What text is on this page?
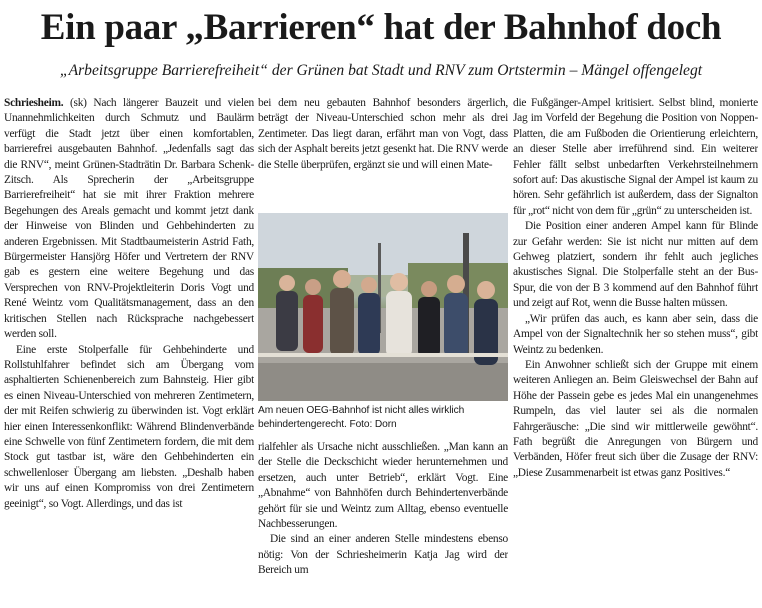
Ein paar „Barrieren“ hat der Bahnhof doch
„Arbeitsgruppe Barrierefreiheit“ der Grünen bat Stadt und RNV zum Ortstermin – Mängel offengelegt

Schriesheim. (sk) Nach längerer Bauzeit und vielen Unannehmlichkeiten durch Schmutz und Baulärm verfügt die Stadt jetzt über einen komfortablen, barrierefrei ausgebauten Bahnhof. „Jedenfalls sagt das die RNV“, meint Grünen-Stadträtin Dr. Barbara Schenk-Zitsch. Als Sprecherin der „Arbeitsgruppe Barrierefreiheit“ hat sie mit ihrer Fraktion mehrere Begehungen des Areals gemacht und kommt jetzt dank der Hinweise von Blinden und Gehbehinderten zu anderen Ergebnissen. Mit Stadtbaumeisterin Astrid Fath, Bürgermeister Hansjörg Höfer und Vertretern der RNV gab es gestern eine weitere Begehung und das Versprechen von RNV-Projektleiterin Doris Vogt und René Weintz vom Qualitätsmanagement, dass an den kritischen Stellen nach Rücksprache nachgebessert werden soll.

Eine erste Stolperfalle für Gehbehinderte und Rollstuhlfahrer befindet sich am Übergang vom asphaltierten Schienenbereich zum Bahnsteig. Hier gibt es einen Niveau-Unterschied von mehreren Zentimetern, der mit Reifen schwierig zu überwinden ist. Vogt erklärt hier einen Interessenkonflikt: Während Blindenverbände eine Schwelle von fünf Zentimetern fordern, die mit dem Stock gut tastbar ist, wäre den Gehbehinderten ein schwellenloser Übergang am liebsten. „Deshalb haben wir uns auf einen Kompromiss von drei Zentimetern geeinigt“, so Vogt. Allerdings, und das ist

bei dem neu gebauten Bahnhof besonders ärgerlich, beträgt der Niveau-Unterschied schon mehr als drei Zentimeter. Das liegt daran, erfährt man von Vogt, dass sich der Asphalt bereits jetzt gesenkt hat. Die RNV werde die Stelle überprüfen, ergänzt sie und will einen Mate-

Am neuen OEG-Bahnhof ist nicht alles wirklich behindertengerecht. Foto: Dorn

rialfehler als Ursache nicht ausschließen. „Man kann an der Stelle die Deckschicht wieder herunternehmen und ersetzen, auch unter Betrieb“, erklärt Vogt. Eine „Abnahme“ von Bahnhöfen durch Behindertenverbände gehört für sie und Weintz zum Alltag, ebenso eventuelle Nachbesserungen.

Die sind an einer anderen Stelle mindestens ebenso nötig: Von der Schriesheimerin Katja Jag wird der Bereich um

die Fußgänger-Ampel kritisiert. Selbst blind, monierte Jag im Vorfeld der Begehung die Position von Noppen-Platten, die am Fußboden die Orientierung erleichtern, an dieser Stelle aber irreführend sind. Ein weiterer Fehler fällt selbst unbedarften Verkehrsteilnehmern sofort auf: Das akustische Signal der Ampel ist kaum zu hören. Sehr gefährlich ist außerdem, dass der Signalton für „rot“ nicht von dem für „grün“ zu unterscheiden ist.

Die Position einer anderen Ampel kann für Blinde zur Gefahr werden: Sie ist nicht nur mitten auf dem Gehweg platziert, sondern ihr fehlt auch jegliches akustisches Signal. Die Stolperfalle steht an der Bus-Spur, die von der B 3 kommend auf den Bahnhof führt und zeigt auf Rot, wenn die Busse halten müssen.

„Wir prüfen das auch, es kann aber sein, dass die Ampel von der Signaltechnik her so stehen muss“, gibt Weintz zu bedenken.

Ein Anwohner schließt sich der Gruppe mit einem weiteren Anliegen an. Beim Gleiswechsel der Bahn auf Höhe der Passein gebe es jedes Mal ein unangenehmes Rumpeln, das viel lauter sei als die normalen Fahrgeräusche: „Die sind wir mittlerweile gewöhnt“. Fath begrüßt die Anregungen von Bürgern und Verbänden, Höfer freut sich über die Zusage der RNV: „Diese Zusammenarbeit ist etwas ganz Positives.“
